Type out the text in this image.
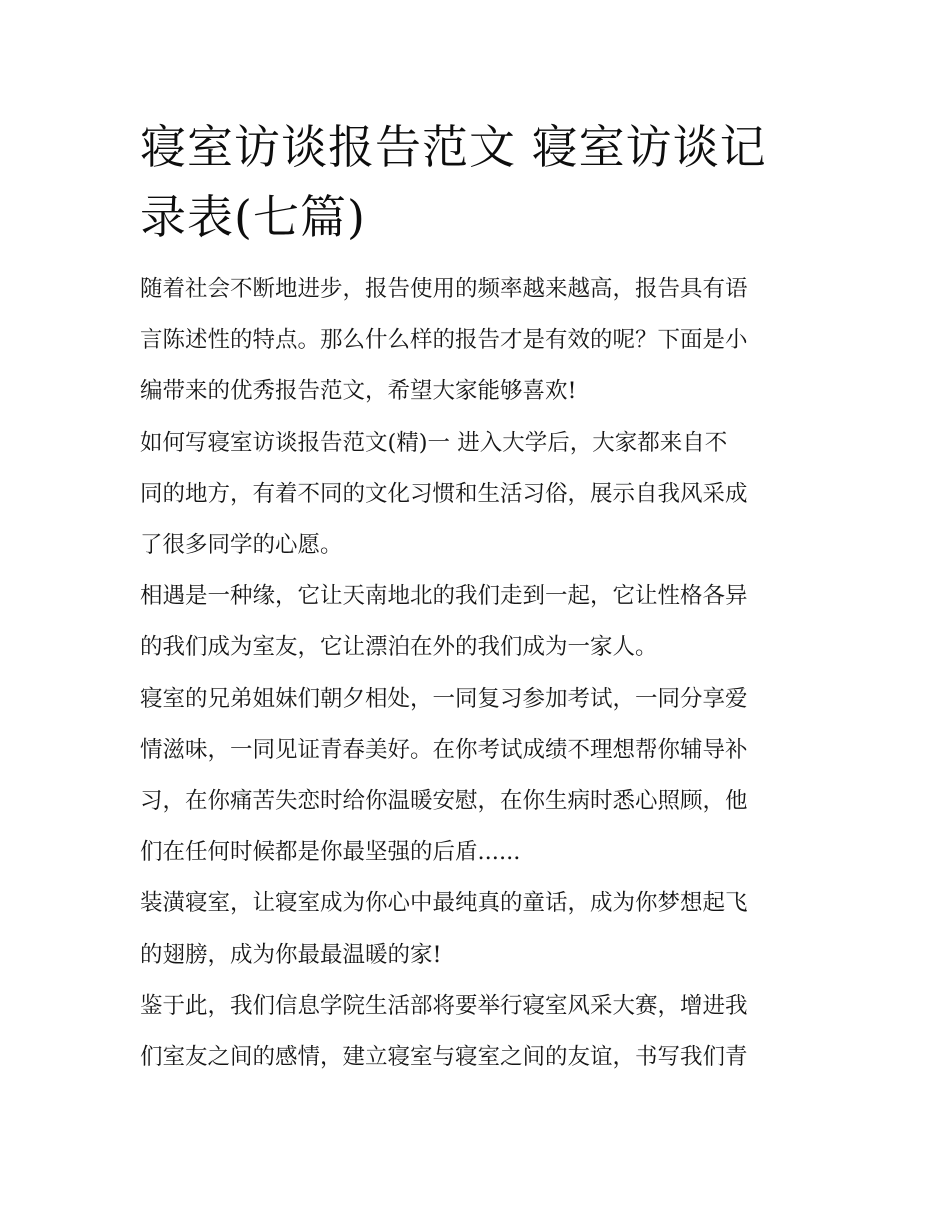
寝室访谈报告范文 寝室访谈记
录表(七篇)

随着社会不断地进步，报告使用的频率越来越高，报告具有语
言陈述性的特点。那么什么样的报告才是有效的呢？下面是小
编带来的优秀报告范文，希望大家能够喜欢!

如何写寝室访谈报告范文(精)一 进入大学后，大家都来自不
同的地方，有着不同的文化习惯和生活习俗，展示自我风采成
了很多同学的心愿。

相遇是一种缘，它让天南地北的我们走到一起，它让性格各异
的我们成为室友，它让漂泊在外的我们成为一家人。

寝室的兄弟姐妹们朝夕相处，一同复习参加考试，一同分享爱
情滋味，一同见证青春美好。在你考试成绩不理想帮你辅导补
习，在你痛苦失恋时给你温暖安慰，在你生病时悉心照顾，他
们在任何时候都是你最坚强的后盾......

装潢寝室，让寝室成为你心中最纯真的童话，成为你梦想起飞
的翅膀，成为你最最温暖的家!

鉴于此，我们信息学院生活部将要举行寝室风采大赛，增进我
们室友之间的感情，建立寝室与寝室之间的友谊，书写我们青
